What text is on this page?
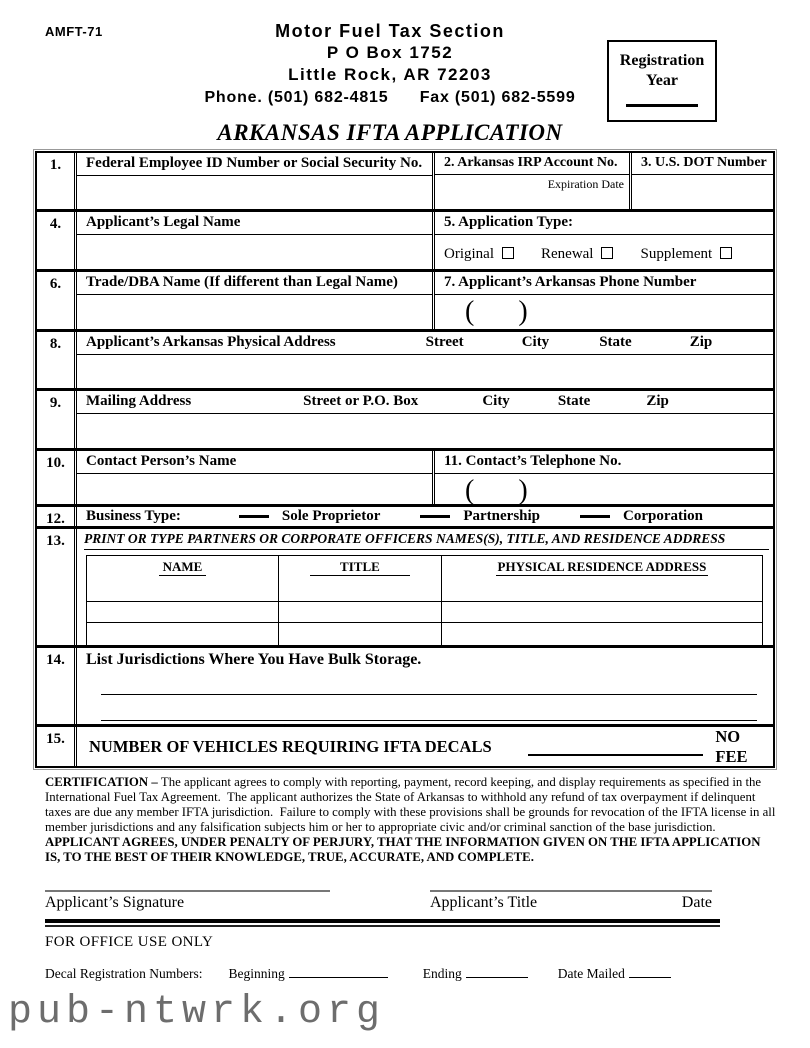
AMFT-71	Motor Fuel Tax Section
P O Box 1752
Little Rock, AR 72203
Phone. (501) 682-4815 Fax (501) 682-5599
Registration
Year
ARKANSAS IFTA APPLICATION
1.	Federal Employee ID Number or Social Security No.	2. Arkansas IRP Account No.
Expiration Date
3. U.S. DOT Number
4.	Applicant’s Legal Name	5. Application Type:
Original	Renewal	Supplement
6.	Trade/DBA Name (If different than Legal Name)	7. Applicant’s Arkansas Phone Number
( )
8.	Applicant’s Arkansas Physical Address	Street	City	State	Zip
9.	Mailing Address	Street or P.O. Box	City	State	Zip
10.	Contact Person’s Name	11. Contact’s Telephone No.
( )
12.	Business Type:	Sole Proprietor	Partnership	Corporation
13.	PRINT OR TYPE PARTNERS OR CORPORATE OFFICERS NAMES(S), TITLE, AND RESIDENCE ADDRESS
NAME	TITLE	PHYSICAL RESIDENCE ADDRESS

14.	List Jurisdictions Where You Have Bulk Storage.
15.	NUMBER OF VEHICLES REQUIRING IFTA DECALS
NO FEE
CERTIFICATION – The applicant agrees to comply with reporting, payment, record keeping, and display requirements as specified in the International Fuel Tax Agreement.  The applicant authorizes the State of Arkansas to withhold any refund of tax overpayment if delinquent taxes are due any member IFTA jurisdiction.  Failure to comply with these provisions shall be grounds for revocation of the IFTA license in all member jurisdictions and any falsification subjects him or her to appropriate civic and/or criminal sanction of the base jurisdiction.
APPLICANT AGREES, UNDER PENALTY OF PERJURY, THAT THE INFORMATION GIVEN ON THE IFTA APPLICATION IS, TO THE BEST OF THEIR KNOWLEDGE, TRUE, ACCURATE, AND COMPLETE.
Applicant’s Signature	Applicant’s Title	Date
FOR OFFICE USE ONLY
Decal Registration Numbers: Beginning	Ending	Date Mailed
pub-ntwrk.org
